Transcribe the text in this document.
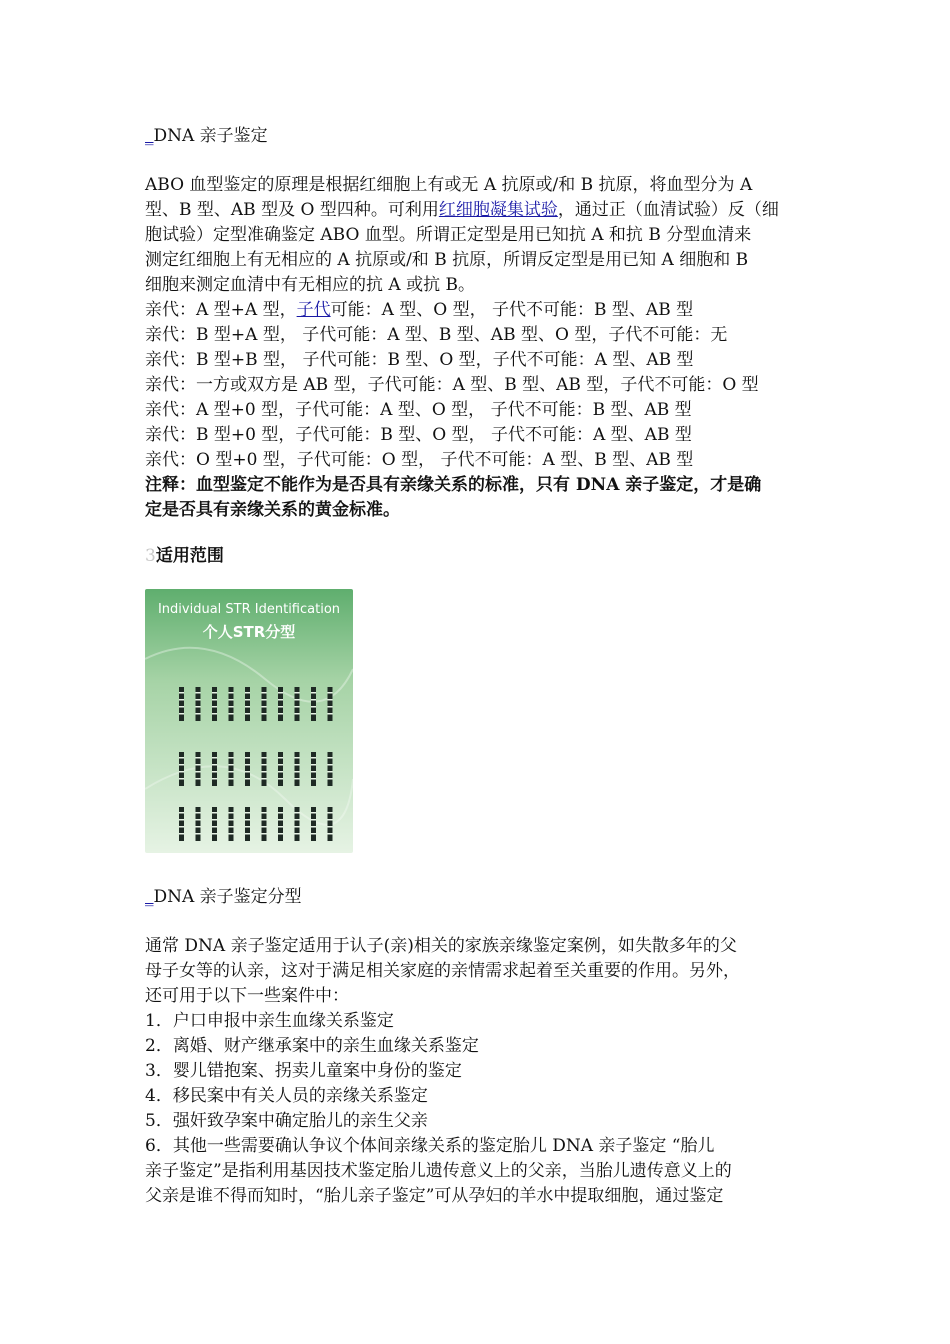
_DNA 亲子鉴定
ABO 血型鉴定的原理是根据红细胞上有或无 A 抗原或/和 B 抗原，将血型分为 A
型、B 型、AB 型及 O 型四种。可利用红细胞凝集试验，通过正（血清试验）反（细
胞试验）定型准确鉴定 ABO 血型。所谓正定型是用已知抗 A 和抗 B 分型血清来
测定红细胞上有无相应的 A 抗原或/和 B 抗原，所谓反定型是用已知 A 细胞和 B
细胞来测定血清中有无相应的抗 A 或抗 B。
亲代：A 型+A 型，子代可能：A 型、O 型， 子代不可能：B 型、AB 型
亲代：B 型+A 型， 子代可能：A 型、B 型、AB 型、O 型，子代不可能：无
亲代：B 型+B 型， 子代可能：B 型、O 型，子代不可能：A 型、AB 型
亲代：一方或双方是 AB 型，子代可能：A 型、B 型、AB 型，子代不可能：O 型
亲代：A 型+0 型，子代可能：A 型、O 型， 子代不可能：B 型、AB 型
亲代：B 型+0 型，子代可能：B 型、O 型， 子代不可能：A 型、AB 型
亲代：O 型+0 型，子代可能：O 型， 子代不可能：A 型、B 型、AB 型
注释：血型鉴定不能作为是否具有亲缘关系的标准，只有 DNA 亲子鉴定，才是确
定是否具有亲缘关系的黄金标准。
3适用范围
Individual STR Identification
个人STR分型
_DNA 亲子鉴定分型
通常 DNA 亲子鉴定适用于认子(亲)相关的家族亲缘鉴定案例，如失散多年的父
母子女等的认亲，这对于满足相关家庭的亲情需求起着至关重要的作用。另外，
还可用于以下一些案件中：
1．户口申报中亲生血缘关系鉴定
2．离婚、财产继承案中的亲生血缘关系鉴定
3．婴儿错抱案、拐卖儿童案中身份的鉴定
4．移民案中有关人员的亲缘关系鉴定
5．强奸致孕案中确定胎儿的亲生父亲
6．其他一些需要确认争议个体间亲缘关系的鉴定胎儿 DNA 亲子鉴定 “胎儿
亲子鉴定”是指利用基因技术鉴定胎儿遗传意义上的父亲，当胎儿遗传意义上的
父亲是谁不得而知时，“胎儿亲子鉴定”可从孕妇的羊水中提取细胞，通过鉴定
